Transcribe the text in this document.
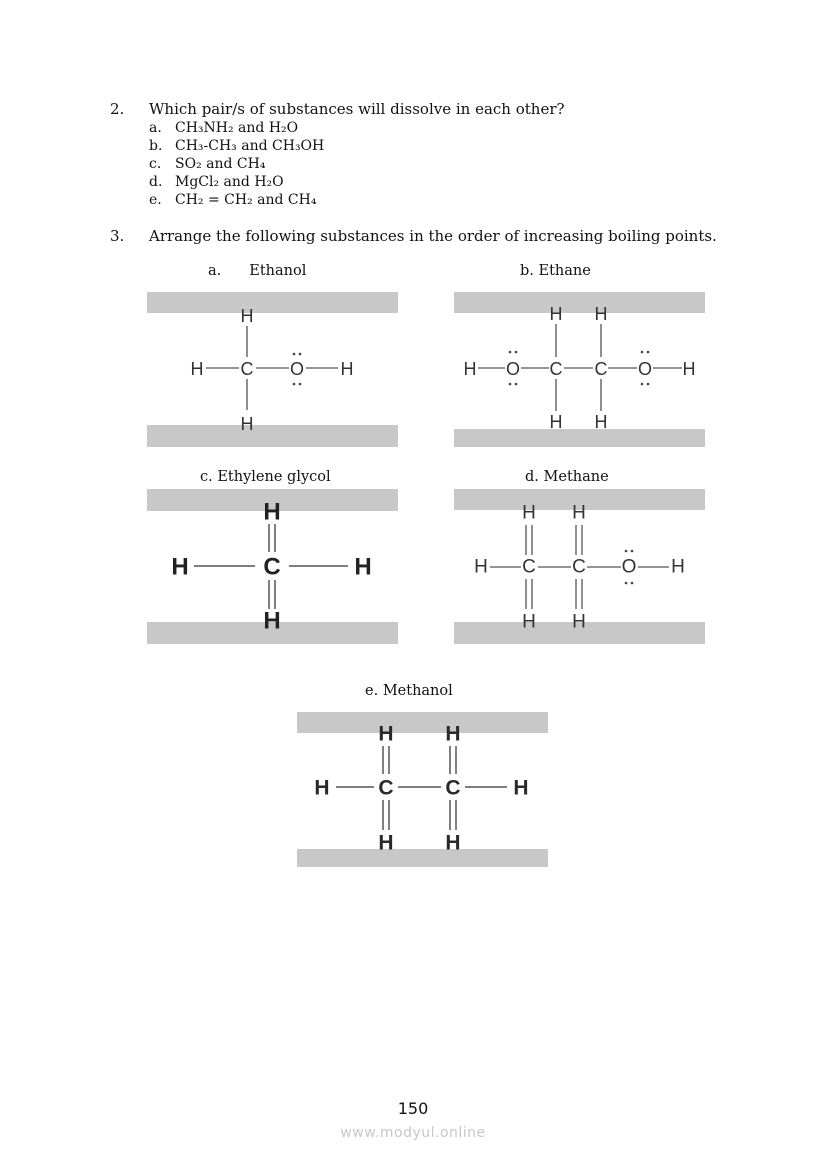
2. Which pair/s of substances will dissolve in each other?
a. CH₃NH₂ and H₂O
b. CH₃-CH₃ and CH₃OH
c. SO₂ and CH₄
d. MgCl₂ and H₂O
e. CH₂ = CH₂ and CH₄
3. Arrange the following substances in the order of increasing boiling points.
a. Ethanol	b. Ethane
c. Ethylene glycol	d. Methane
e. Methanol
H C O H
H
H
H O C C O H
H H
H H
H	C	H
H
H
H C C O H
H H
H H
H C C	H
H H
H H
150
www.modyul.online
